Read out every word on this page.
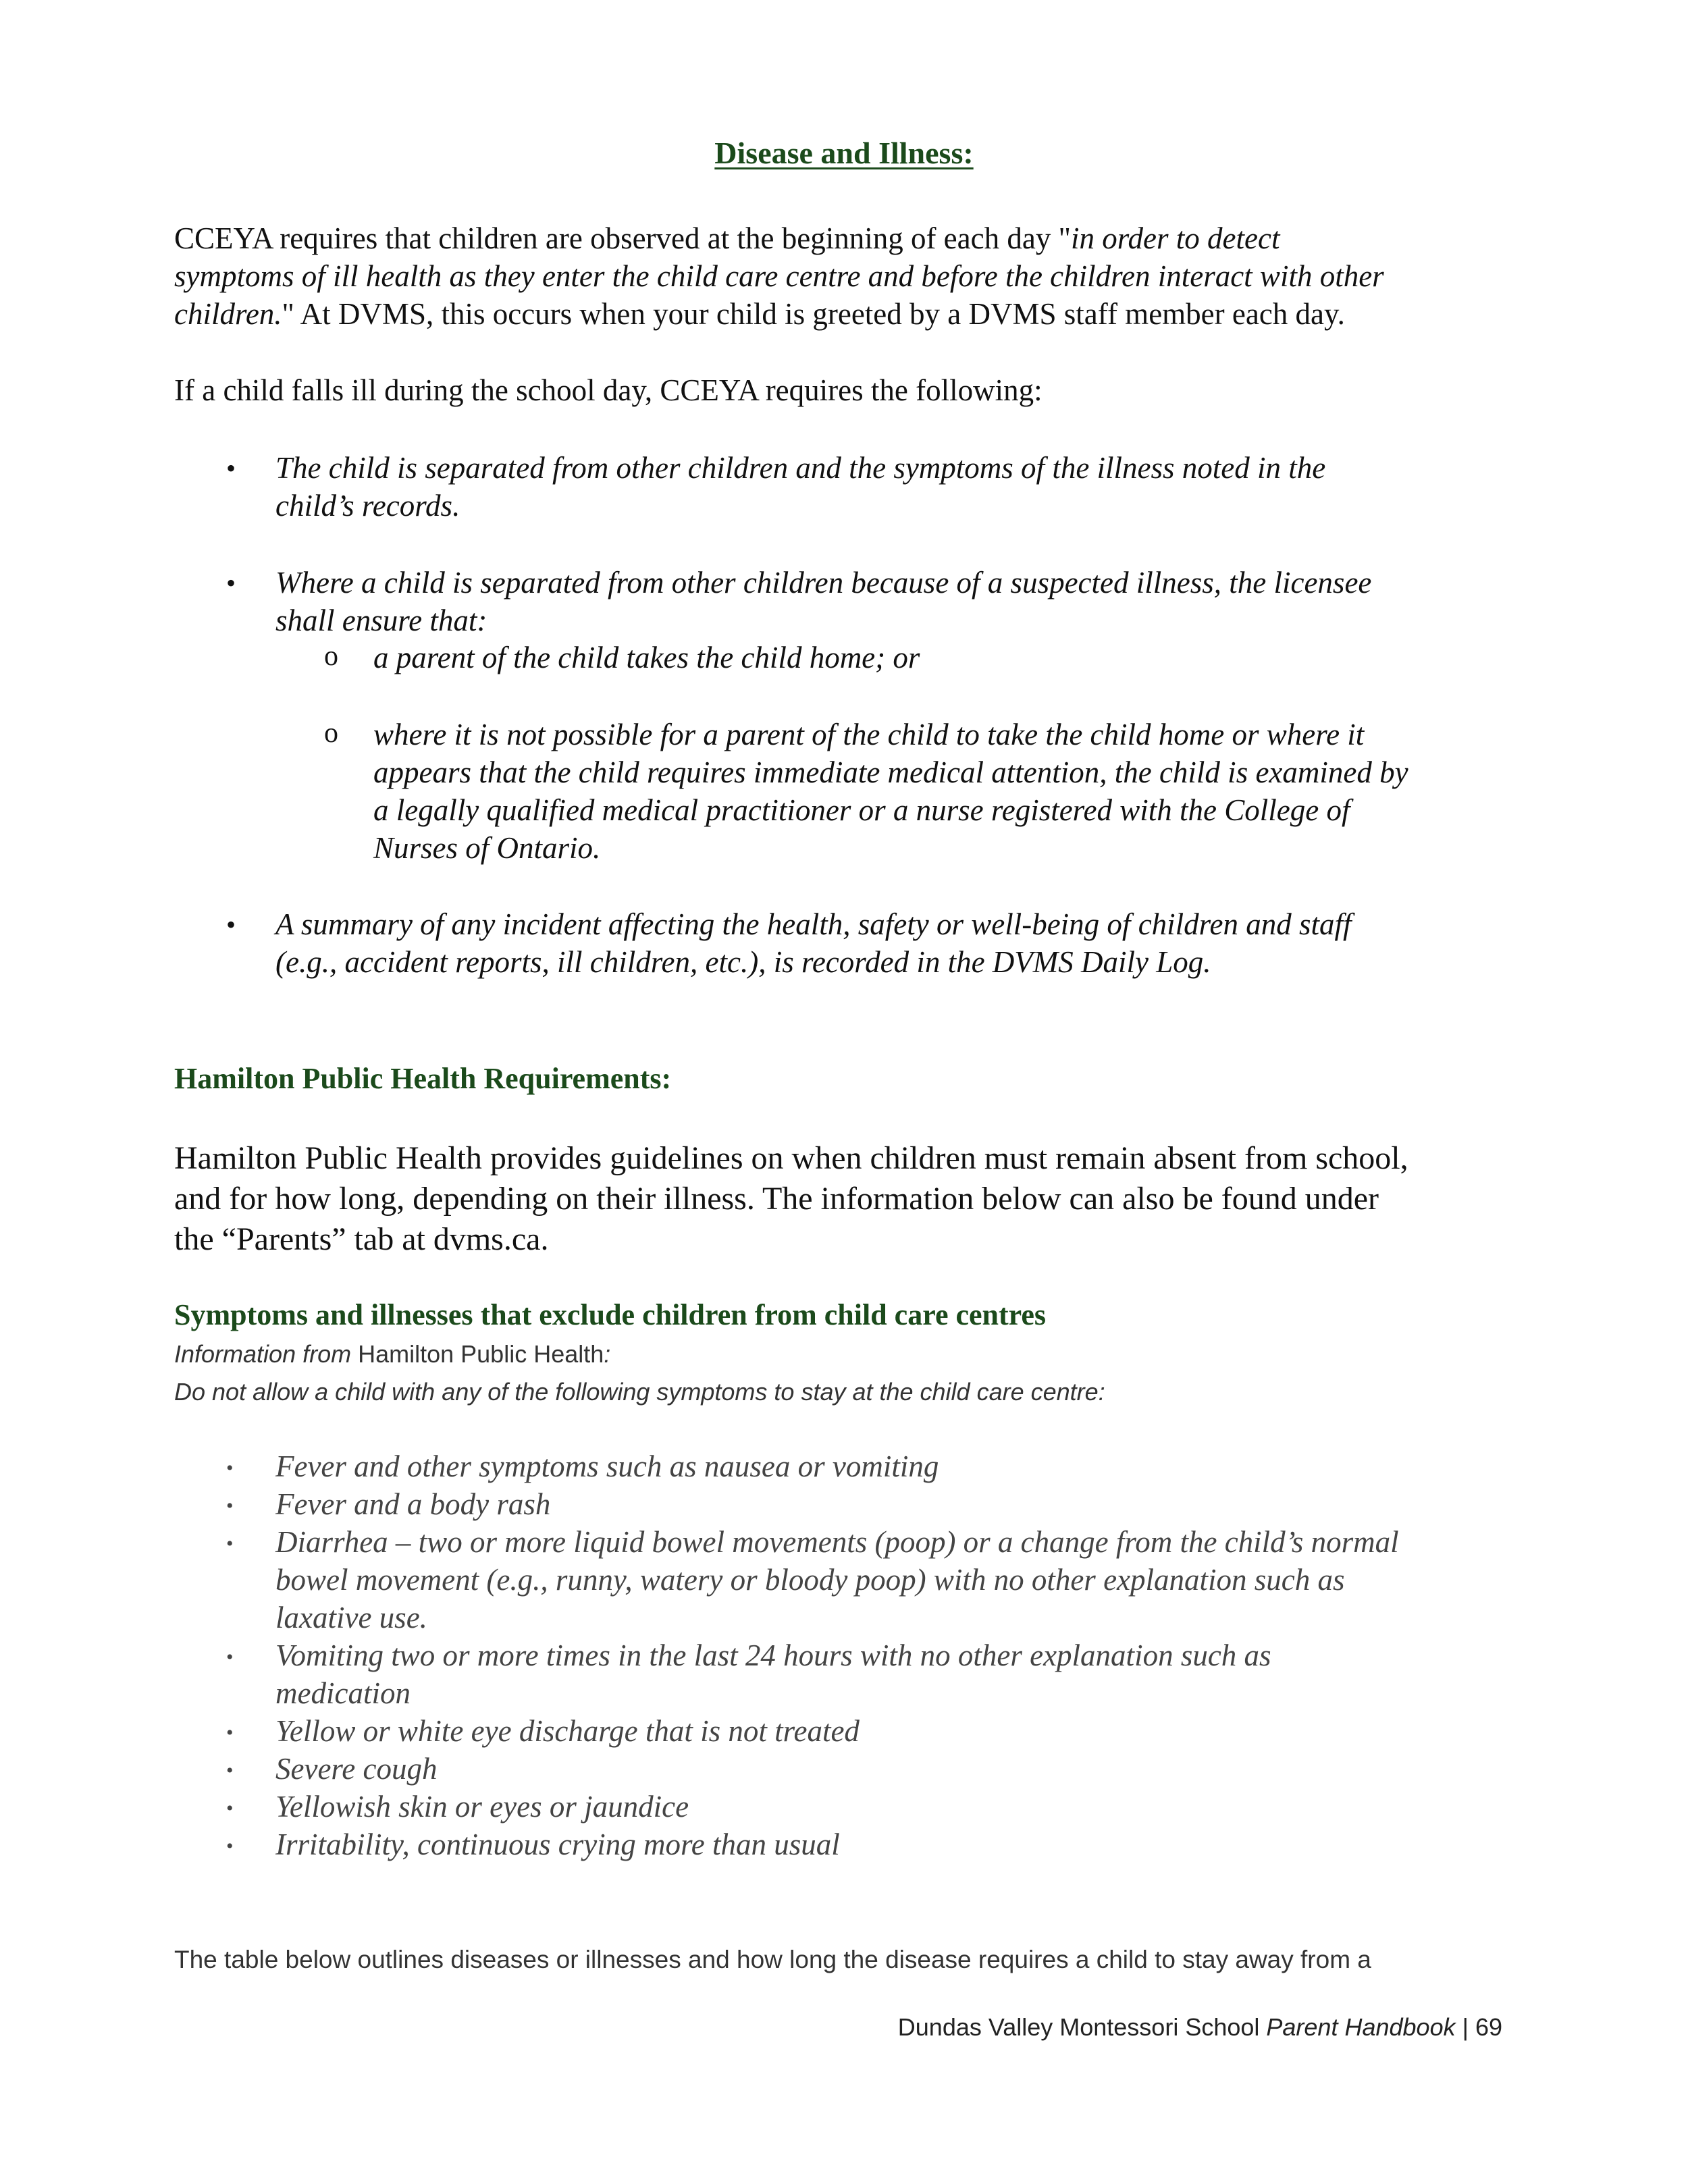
Disease and Illness:
CCEYA requires that children are observed at the beginning of each day "in order to detect
symptoms of ill health as they enter the child care centre and before the children interact with other
children." At DVMS, this occurs when your child is greeted by a DVMS staff member each day.
If a child falls ill during the school day, CCEYA requires the following:
• The child is separated from other children and the symptoms of the illness noted in the
child’s records.
• Where a child is separated from other children because of a suspected illness, the licensee
shall ensure that:
o a parent of the child takes the child home; or
o where it is not possible for a parent of the child to take the child home or where it
appears that the child requires immediate medical attention, the child is examined by
a legally qualified medical practitioner or a nurse registered with the College of
Nurses of Ontario.
• A summary of any incident affecting the health, safety or well-being of children and staff
(e.g., accident reports, ill children, etc.), is recorded in the DVMS Daily Log.
Hamilton Public Health Requirements:
Hamilton Public Health provides guidelines on when children must remain absent from school,
and for how long, depending on their illness. The information below can also be found under
the “Parents” tab at dvms.ca.
Symptoms and illnesses that exclude children from child care centres
Information from Hamilton Public Health:
Do not allow a child with any of the following symptoms to stay at the child care centre:
• Fever and other symptoms such as nausea or vomiting
• Fever and a body rash
• Diarrhea – two or more liquid bowel movements (poop) or a change from the child’s normal
bowel movement (e.g., runny, watery or bloody poop) with no other explanation such as
laxative use.
• Vomiting two or more times in the last 24 hours with no other explanation such as
medication
• Yellow or white eye discharge that is not treated
• Severe cough
• Yellowish skin or eyes or jaundice
• Irritability, continuous crying more than usual
The table below outlines diseases or illnesses and how long the disease requires a child to stay away from a
Dundas Valley Montessori School Parent Handbook | 69
